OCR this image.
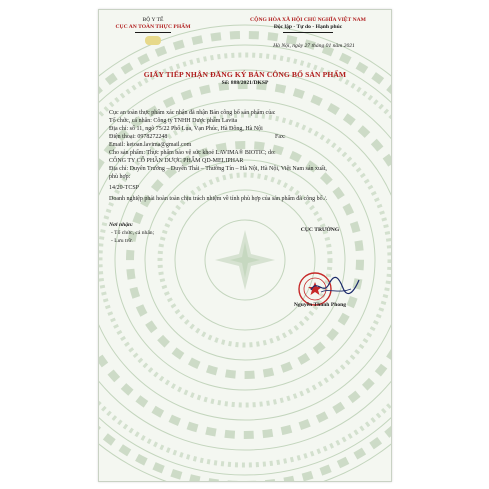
BỘ Y TẾ
CỤC AN TOÀN THỰC PHẨM
CỘNG HÒA XÃ HỘI CHỦ NGHĨA VIỆT NAM
Độc lập - Tự do - Hạnh phúc
Hà Nội, ngày 27 tháng 01 năm 2021
GIẤY TIẾP NHẬN ĐĂNG KÝ BẢN CÔNG BỐ SẢN PHẨM
Số: 888/2021/DKSP
Cục an toàn thực phẩm xác nhận đã nhận Bản công bố sản phẩm của:
Tổ chức, cá nhân: Công ty TNHH Dược phẩm Lavita
Địa chỉ: số 11, ngõ 75/22 Phố Lụa, Vạn Phúc, Hà Đông, Hà Nội
Điện thoại: 0978272248	Fax:
Email: ketoan.lavima@gmail.com
Cho sản phẩm: Thực phẩm bảo vệ sức khoẻ LAVIMA® BIOTIC; do:
CÔNG TY CỔ PHẦN DƯỢC PHẨM QD-MELIPHAR
Địa chỉ: Duyên Trường – Duyên Thái – Thường Tín – Hà Nội, Hà Nội, Việt Nam sản xuất,
phù hợp:
14/20-TCSP
Doanh nghiệp phải hoàn toàn chịu trách nhiệm về tính phù hợp của sản phẩm đã công bố./.
Nơi nhận:
- Tổ chức, cá nhân;
- Lưu trữ.
CỤC TRƯỞNG
Nguyễn Thanh Phong
